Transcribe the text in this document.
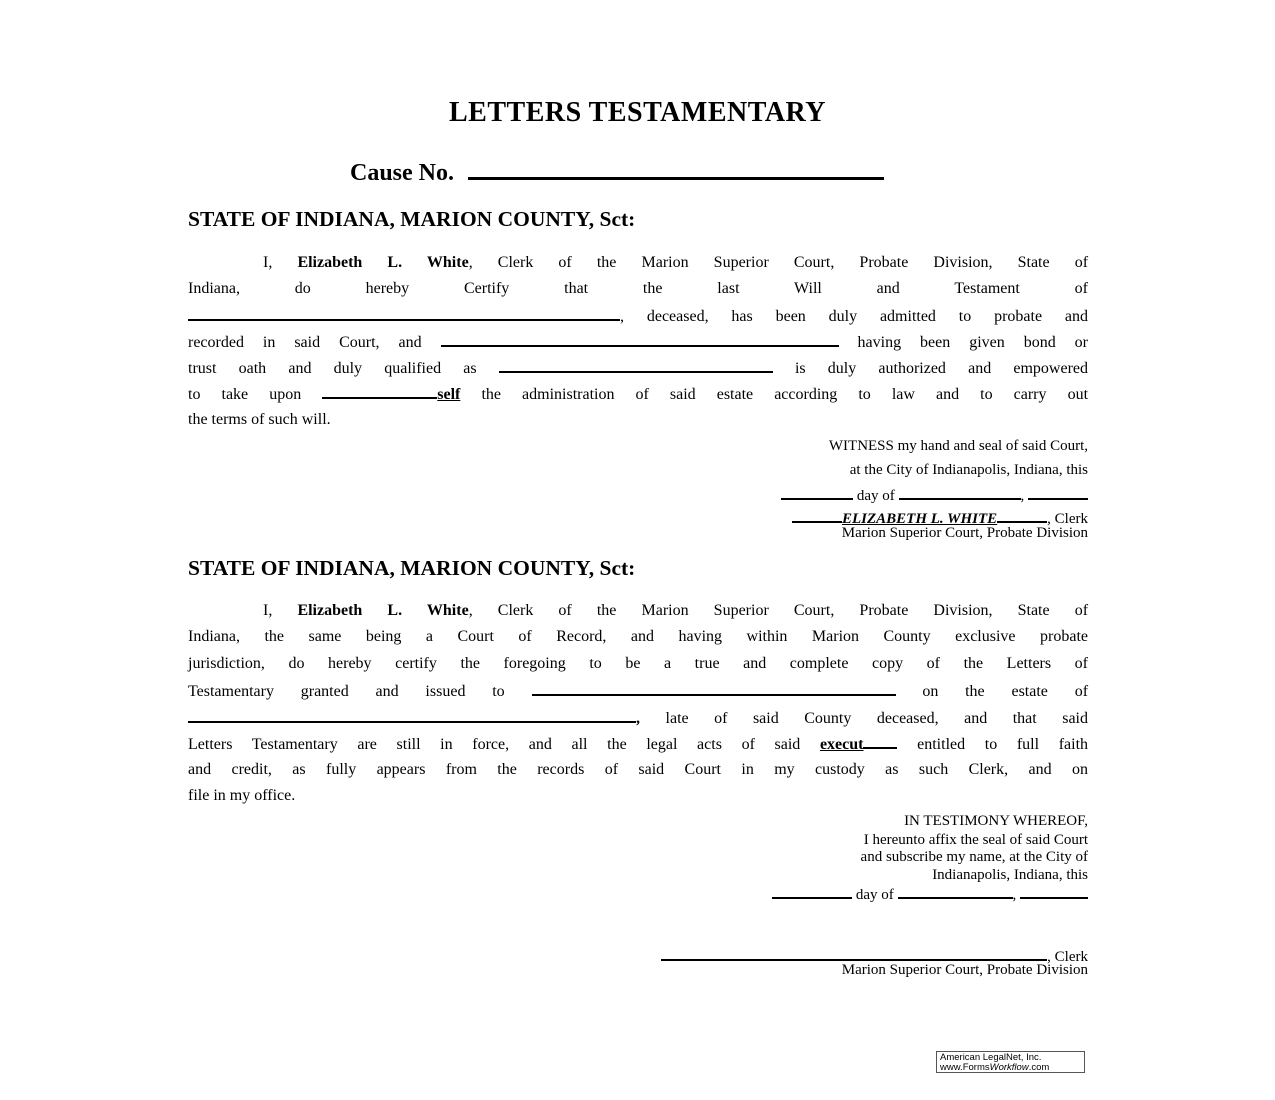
LETTERS TESTAMENTARY
Cause No.
STATE OF INDIANA, MARION COUNTY, Sct:
I, Elizabeth L. White, Clerk of the Marion Superior Court, Probate Division, State of
Indiana, do hereby Certify that the last Will and Testament of
, deceased, has been duly admitted to probate and
recorded in said Court, and	having been given bond or
trust oath and duly qualified as	is duly authorized and empowered
to take upon	self the administration of said estate according to law and to carry out
the terms of such will.
WITNESS my hand and seal of said Court,
at the City of Indianapolis, Indiana, this
day of	,
ELIZABETH L. WHITE	, Clerk
Marion Superior Court, Probate Division
STATE OF INDIANA, MARION COUNTY, Sct:
I, Elizabeth L. White, Clerk of the Marion Superior Court, Probate Division, State of
Indiana, the same being a Court of Record, and having within Marion County exclusive probate
jurisdiction, do hereby certify the foregoing to be a true and complete copy of the Letters of
Testamentary granted and issued to	on the estate of
, late of said County deceased, and that said
Letters Testamentary are still in force, and all the legal acts of said execut	entitled to full faith
and credit, as fully appears from the records of said Court in my custody as such Clerk, and on
file in my office.
IN TESTIMONY WHEREOF,
I hereunto affix the seal of said Court
and subscribe my name, at the City of
Indianapolis, Indiana, this
day of	,
, Clerk
Marion Superior Court, Probate Division
American LegalNet, Inc.
www.FormsWorkflow.com
